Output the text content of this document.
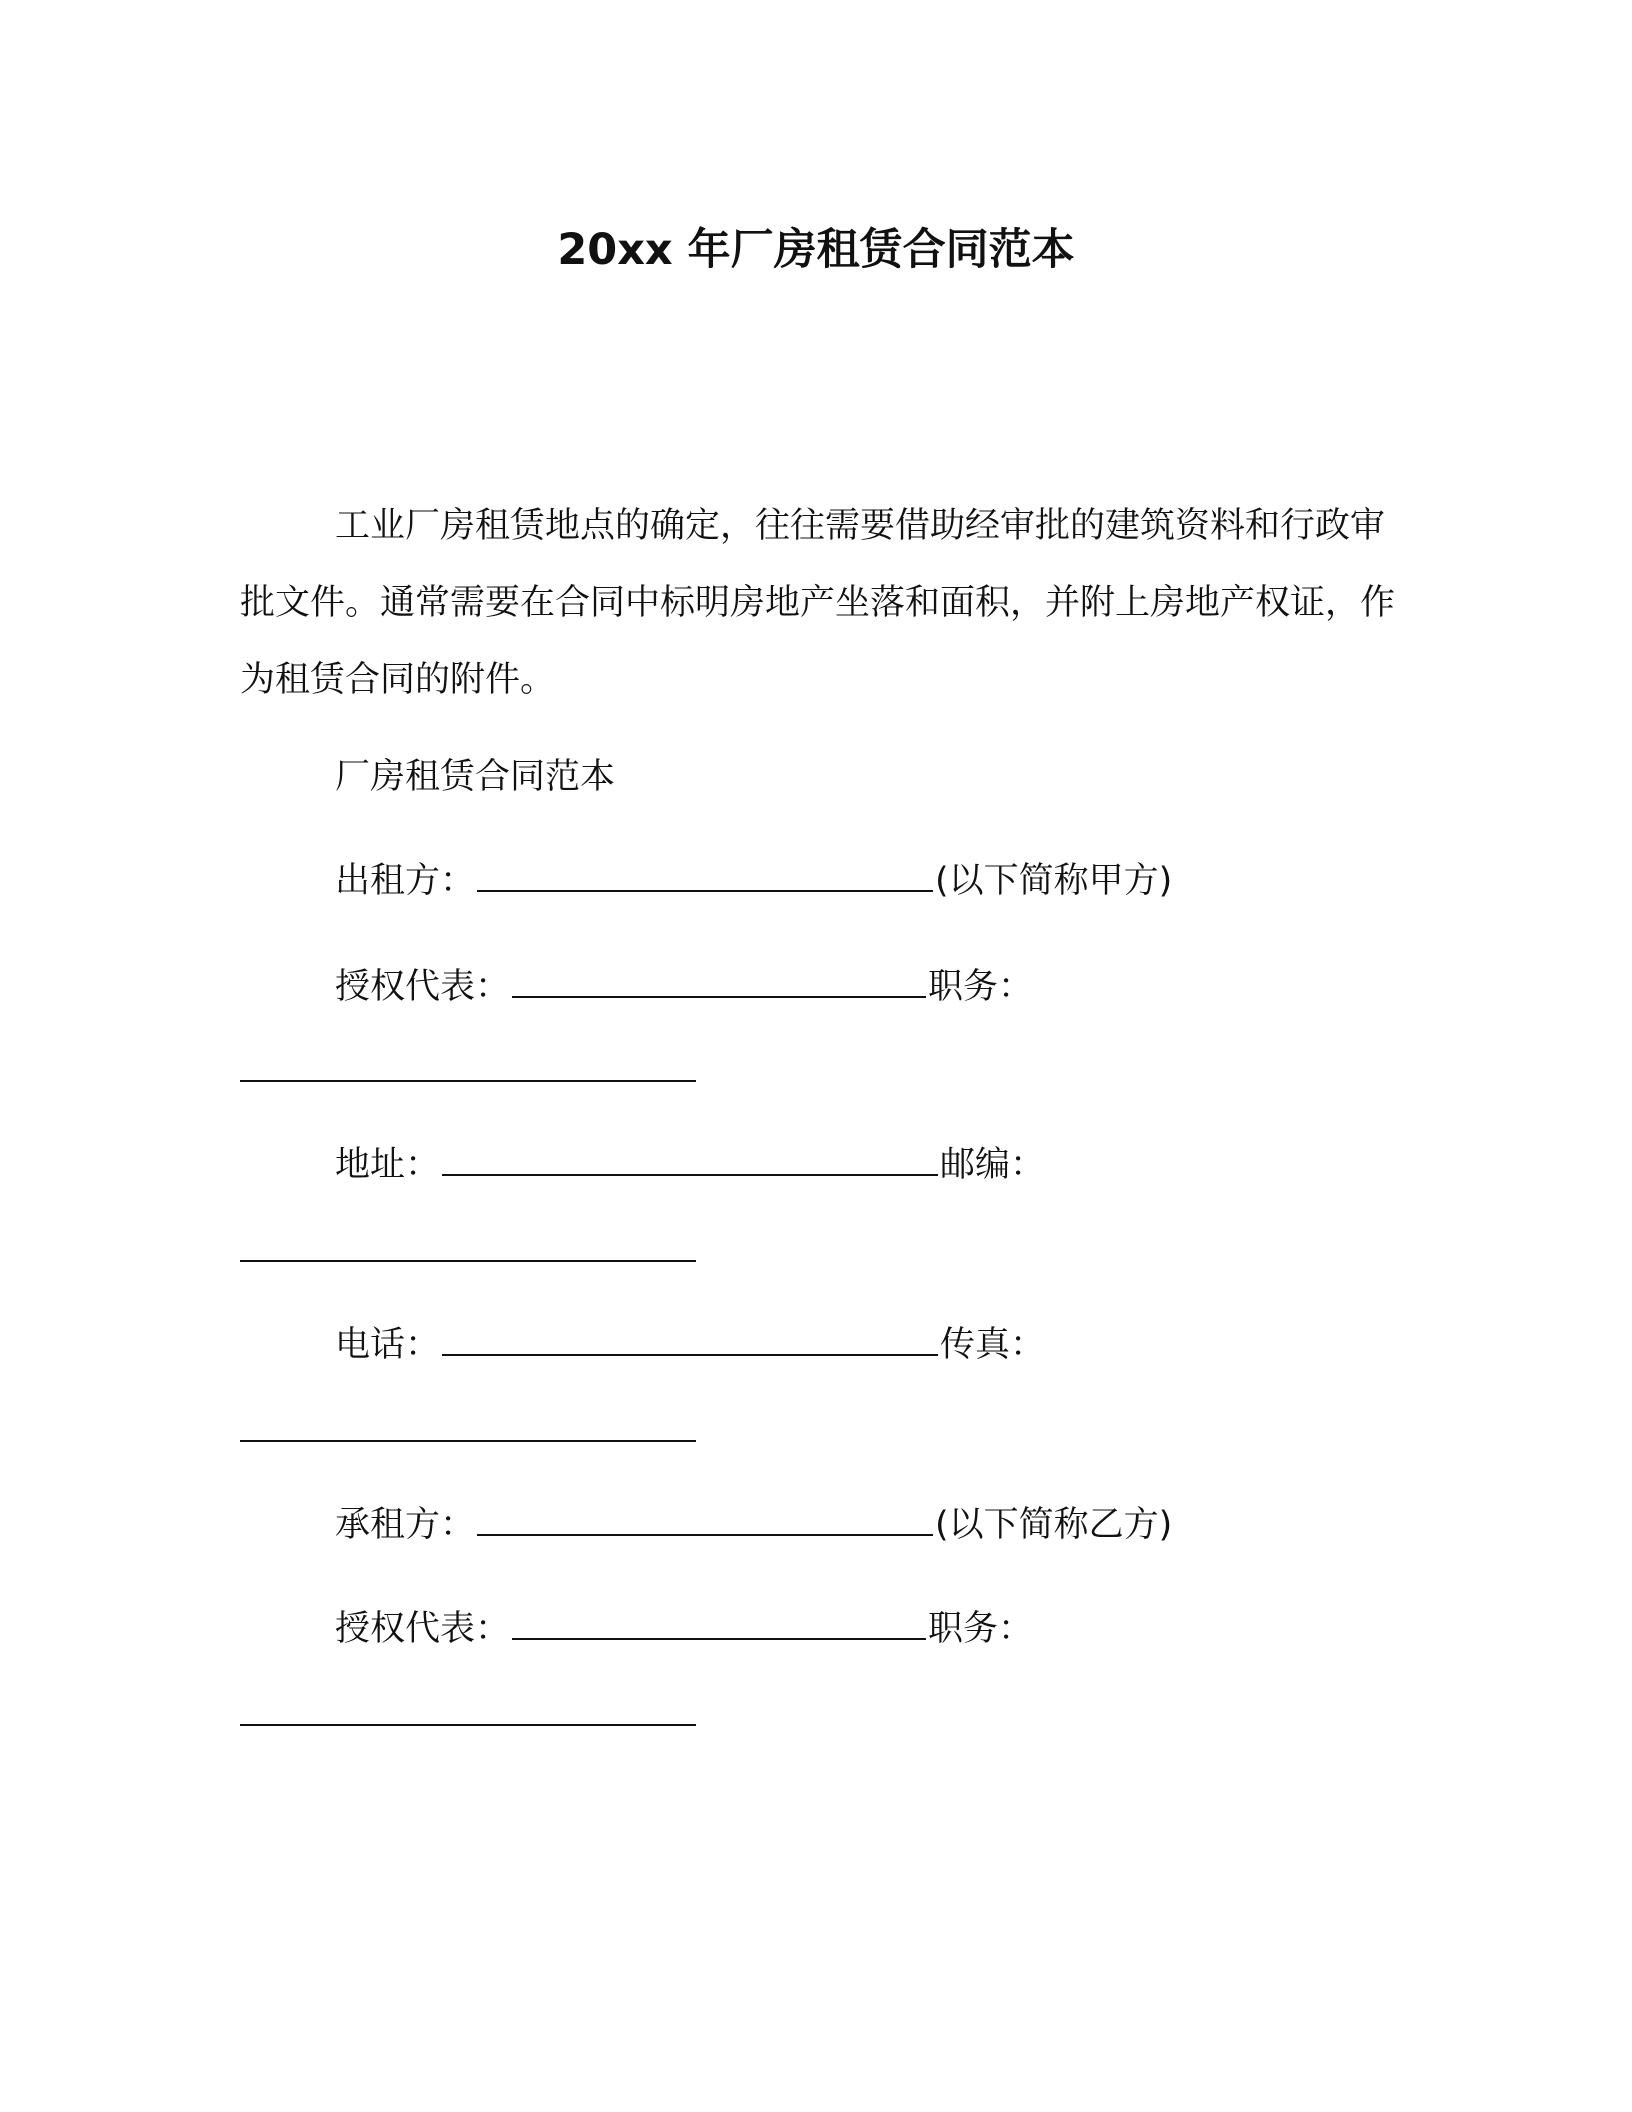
20xx 年厂房租赁合同范本

工业厂房租赁地点的确定，往往需要借助经审批的建筑资料和行政审批文件。通常需要在合同中标明房地产坐落和面积，并附上房地产权证，作为租赁合同的附件。

厂房租赁合同范本
出租方：	(以下简称甲方)
授权代表：	职务：
地址：	邮编：
电话：	传真：
承租方：	(以下简称乙方)
授权代表：	职务：
